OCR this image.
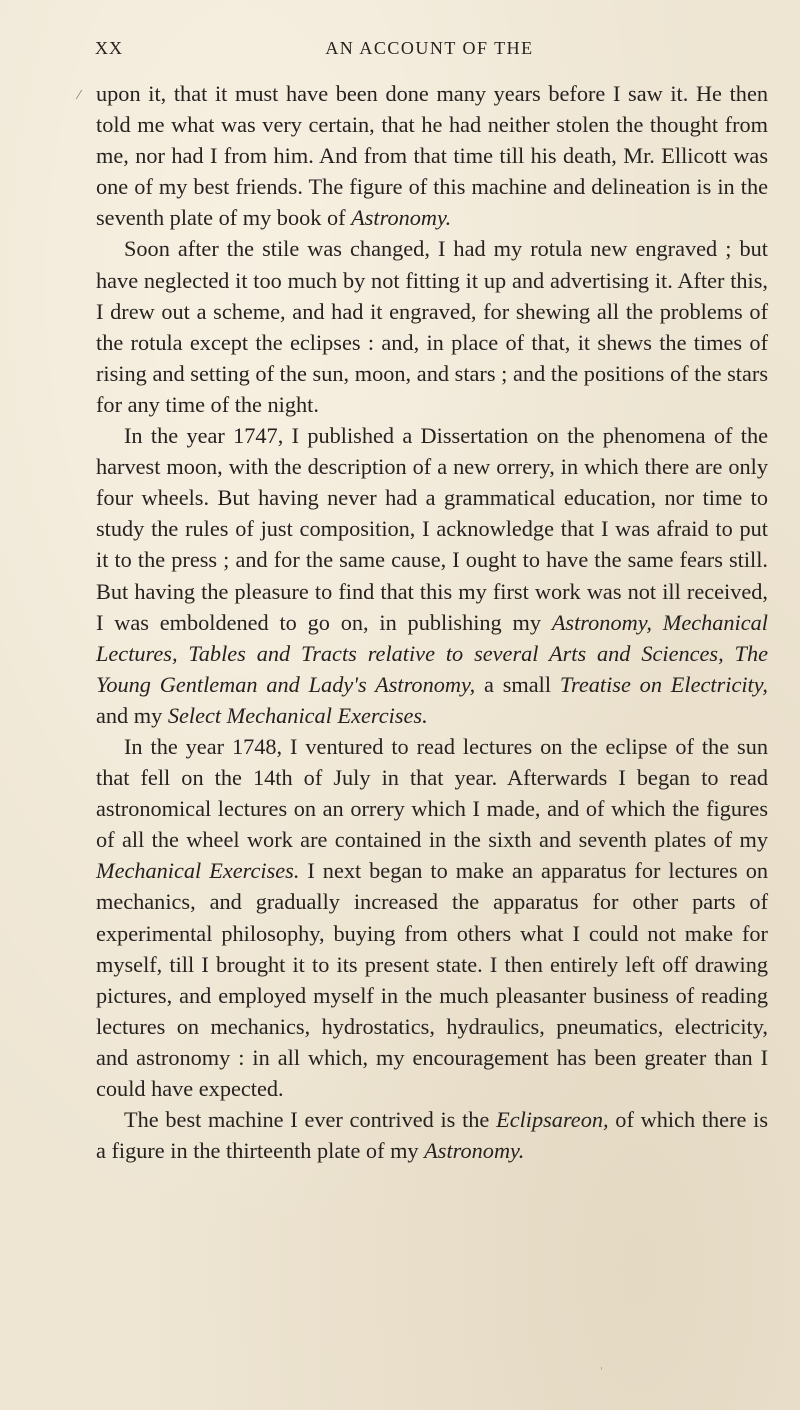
XX	AN ACCOUNT OF THE
⁄ upon it, that it must have been done many years before I saw it. He then told me what was very certain, that he had neither stolen the thought from me, nor had I from him. And from that time till his death, Mr. Ellicott was one of my best friends. The figure of this machine and delineation is in the seventh plate of my book of Astronomy.

Soon after the stile was changed, I had my rotula new engraved ; but have neglected it too much by not fitting it up and advertising it. After this, I drew out a scheme, and had it engraved, for shewing all the problems of the rotula except the eclipses : and, in place of that, it shews the times of rising and setting of the sun, moon, and stars ; and the positions of the stars for any time of the night.

In the year 1747, I published a Dissertation on the phenomena of the harvest moon, with the description of a new orrery, in which there are only four wheels. But having never had a grammatical education, nor time to study the rules of just composition, I acknowledge that I was afraid to put it to the press ; and for the same cause, I ought to have the same fears still. But having the pleasure to find that this my first work was not ill received, I was emboldened to go on, in publishing my Astronomy, Mechanical Lectures, Tables and Tracts relative to several Arts and Sciences, The Young Gentleman and Lady's Astronomy, a small Treatise on Electricity, and my Select Mechanical Exercises.

In the year 1748, I ventured to read lectures on the eclipse of the sun that fell on the 14th of July in that year. Afterwards I began to read astronomical lectures on an orrery which I made, and of which the figures of all the wheel work are contained in the sixth and seventh plates of my Mechanical Exercises. I next began to make an apparatus for lectures on mechanics, and gradually increased the apparatus for other parts of experimental philosophy, buying from others what I could not make for myself, till I brought it to its present state. I then entirely left off drawing pictures, and employed myself in the much pleasanter business of reading lectures on mechanics, hydrostatics, hydraulics, pneumatics, electricity, and astronomy : in all which, my encouragement has been greater than I could have expected.

The best machine I ever contrived is the Eclipsareon, of which there is a figure in the thirteenth plate of my Astronomy.

ˌ
